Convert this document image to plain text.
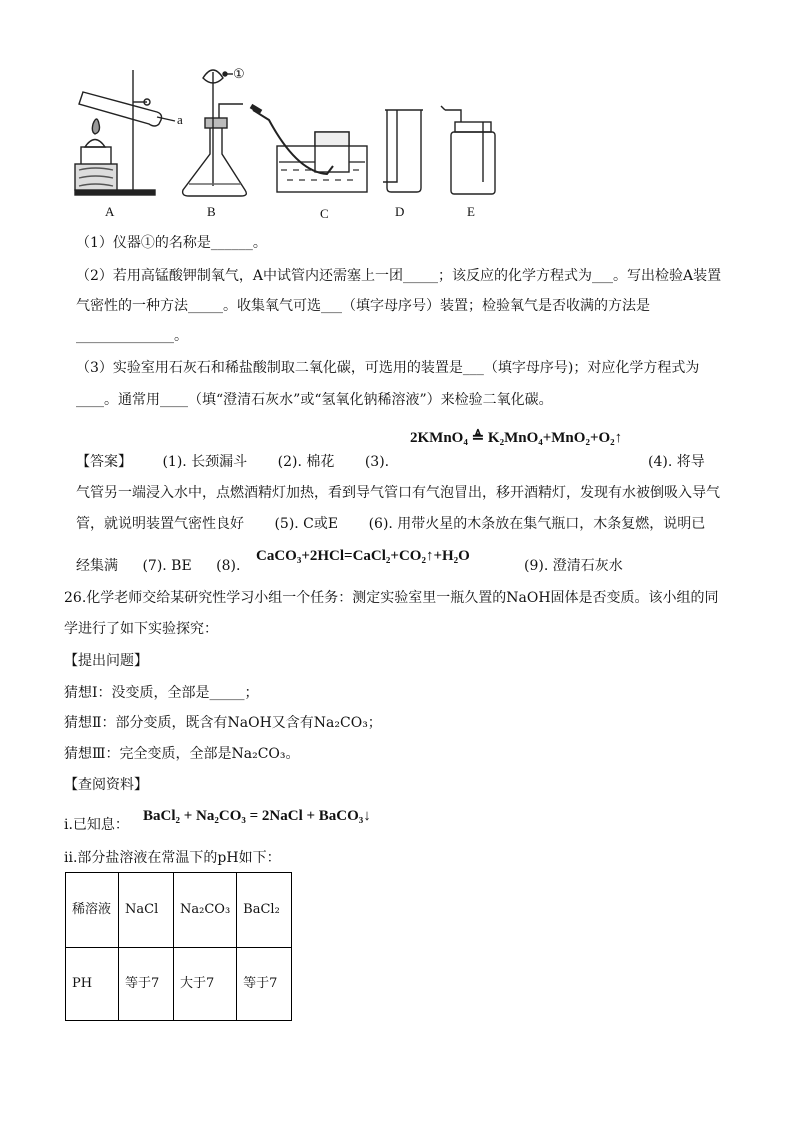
a
①
A	B	C	D	E
（1）仪器①的名称是______。
（2）若用高锰酸钾制氧气，A中试管内还需塞上一团_____；该反应的化学方程式为___。写出检验A装置
气密性的一种方法_____。收集氧气可选___（填字母序号）装置；检验氧气是否收满的方法是
______________。
（3）实验室用石灰石和稀盐酸制取二氧化碳，可选用的装置是___（填字母序号)；对应化学方程式为
____。通常用____（填“澄清石灰水”或“氢氧化钠稀溶液”）来检验二氧化碳。
2KMnO₄ ≜ K₂MnO₄+MnO₂+O₂↑
【答案】 (1). 长颈漏斗 (2). 棉花 (3).	(4). 将导
气管另一端浸入水中，点燃酒精灯加热，看到导气管口有气泡冒出，移开酒精灯，发现有水被倒吸入导气
管，就说明装置气密性良好 (5). C或E (6). 用带火星的木条放在集气瓶口，木条复燃，说明已
经集满 (7). BE (8).
CaCO₃+2HCl=CaCl₂+CO₂↑+H₂O
(9). 澄清石灰水
26.化学老师交给某研究性学习小组一个任务：测定实验室里一瓶久置的NaOH固体是否变质。该小组的同
学进行了如下实验探究：
【提出问题】
猜想Ⅰ：没变质，全部是_____；
猜想Ⅱ：部分变质，既含有NaOH又含有Na₂CO₃；
猜想Ⅲ：完全变质，全部是Na₂CO₃。
【查阅资料】
ⅰ.已知息：
BaCl₂ + Na₂CO₃ = 2NaCl + BaCO₃↓
ⅱ.部分盐溶液在常温下的pH如下：
稀溶液	NaCl	Na₂CO₃	BaCl₂
PH	等于7	大于7	等于7
